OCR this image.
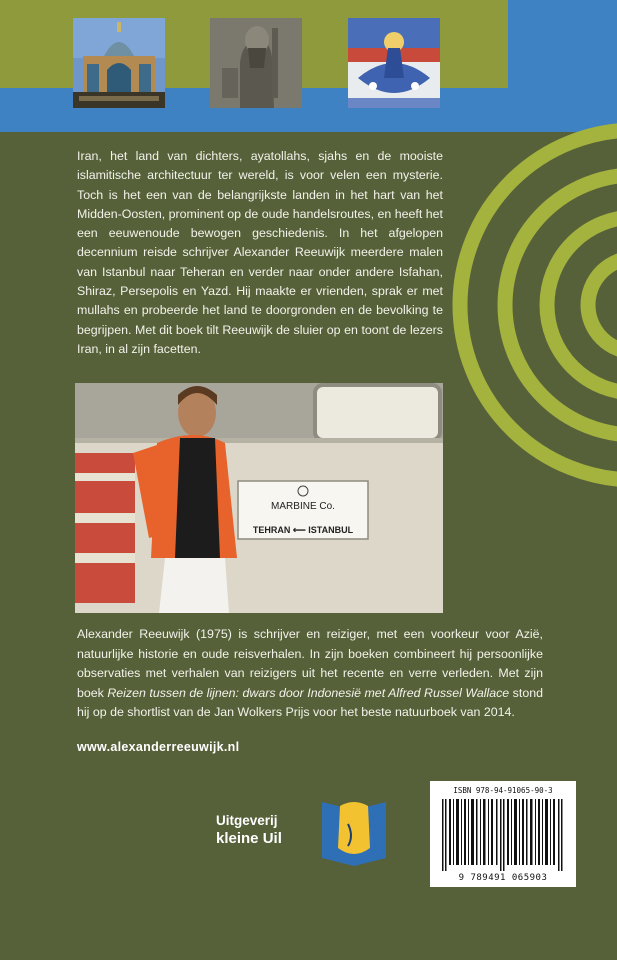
Iran, het land van dichters, ayatollahs, sjahs en de mooiste islamitische architectuur ter wereld, is voor velen een mysterie. Toch is het een van de belangrijkste landen in het hart van het Midden-Oosten, prominent op de oude handelsroutes, en heeft het een eeuwenoude bewogen geschiedenis. In het afgelopen decennium reisde schrijver Alexander Reeuwijk meerdere malen van Istanbul naar Teheran en verder naar onder andere Isfahan, Shiraz, Persepolis en Yazd. Hij maakte er vrienden, sprak er met mullahs en probeerde het land te doorgronden en de bevolking te begrijpen. Met dit boek tilt Reeuwijk de sluier op en toont de lezers Iran, in al zijn facetten.
MARBINE Co.
TEHRAN ⟵ ISTANBUL
Alexander Reeuwijk (1975) is schrijver en reiziger, met een voorkeur voor Azië, natuurlijke historie en oude reisverhalen. In zijn boeken combineert hij persoonlijke observaties met verhalen van reizigers uit het recente en verre verleden. Met zijn boek Reizen tussen de lijnen: dwars door Indonesië met Alfred Russel Wallace stond hij op de shortlist van de Jan Wolkers Prijs voor het beste natuurboek van 2014.
www.alexanderreeuwijk.nl
Uitgeverij
kleine Uil
ISBN 978-94-91065-90-3
9 789491 065903
